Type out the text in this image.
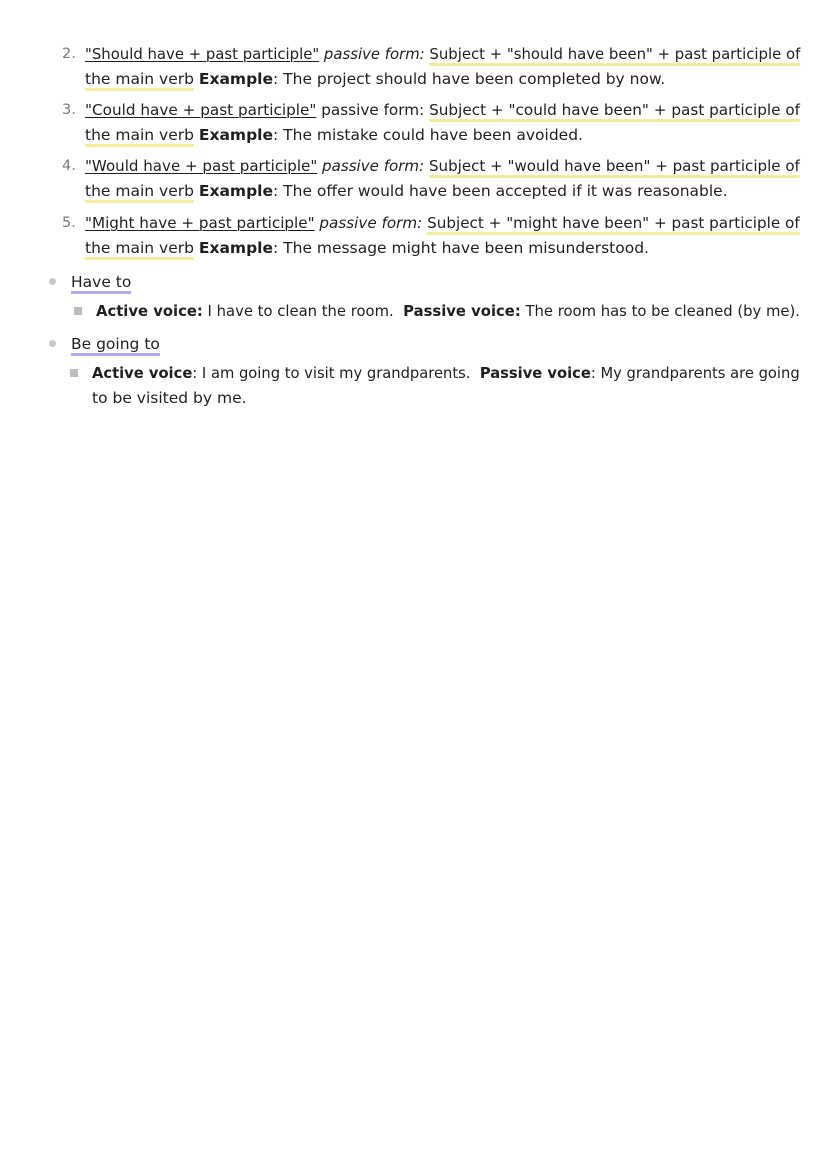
2. "Should have + past participle" passive form: Subject + "should have been" + past participle of
the main verb Example: The project should have been completed by now.
3. "Could have + past participle" passive form: Subject + "could have been" + past participle of
the main verb Example: The mistake could have been avoided.
4. "Would have + past participle" passive form: Subject + "would have been" + past participle of
the main verb Example: The offer would have been accepted if it was reasonable.
5. "Might have + past participle" passive form: Subject + "might have been" + past participle of
the main verb Example: The message might have been misunderstood.
Have to
Active voice: I have to clean the room. Passive voice: The room has to be cleaned (by me).
Be going to
Active voice: I am going to visit my grandparents. Passive voice: My grandparents are going
to be visited by me.
